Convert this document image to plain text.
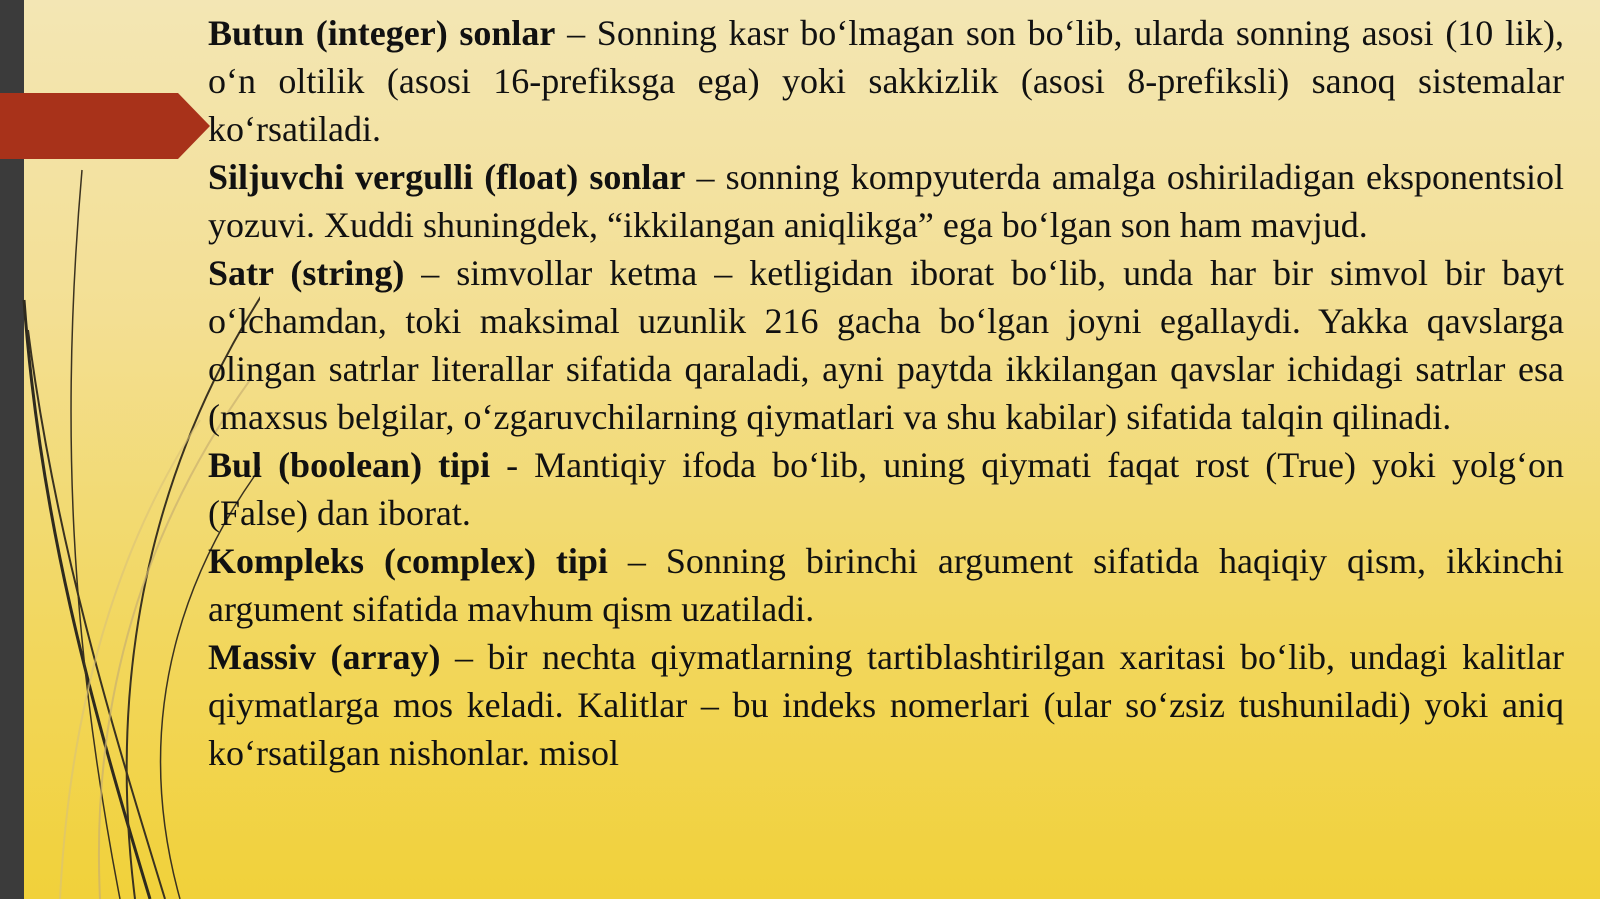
Butun (integer) sonlar – Sonning kasr bo‘lmagan son bo‘lib, ularda sonning asosi (10 lik), o‘n oltilik (asosi 16-prefiksga ega) yoki sakkizlik (asosi 8-prefiksli) sanoq sistemalar ko‘rsatiladi.

Siljuvchi vergulli (float) sonlar – sonning kompyuterda amalga oshiriladigan eksponentsiol yozuvi. Xuddi shuningdek, “ikkilangan aniqlikga” ega bo‘lgan son ham mavjud.

Satr (string) – simvollar ketma – ketligidan iborat bo‘lib, unda har bir simvol bir bayt o‘lchamdan, toki maksimal uzunlik 216 gacha bo‘lgan joyni egallaydi. Yakka qavslarga olingan satrlar literallar sifatida qaraladi, ayni paytda ikkilangan qavslar ichidagi satrlar esa (maxsus belgilar, o‘zgaruvchilarning qiymatlari va shu kabilar) sifatida talqin qilinadi.

Bul (boolean) tipi - Mantiqiy ifoda bo‘lib, uning qiymati faqat rost (True) yoki yolg‘on (False) dan iborat.

Kompleks (complex) tipi – Sonning birinchi argument sifatida haqiqiy qism, ikkinchi argument sifatida mavhum qism uzatiladi.

Massiv (array) – bir nechta qiymatlarning tartiblashtirilgan xaritasi bo‘lib, undagi kalitlar qiymatlarga mos keladi. Kalitlar – bu indeks nomerlari (ular so‘zsiz tushuniladi) yoki aniq ko‘rsatilgan nishonlar. misol
